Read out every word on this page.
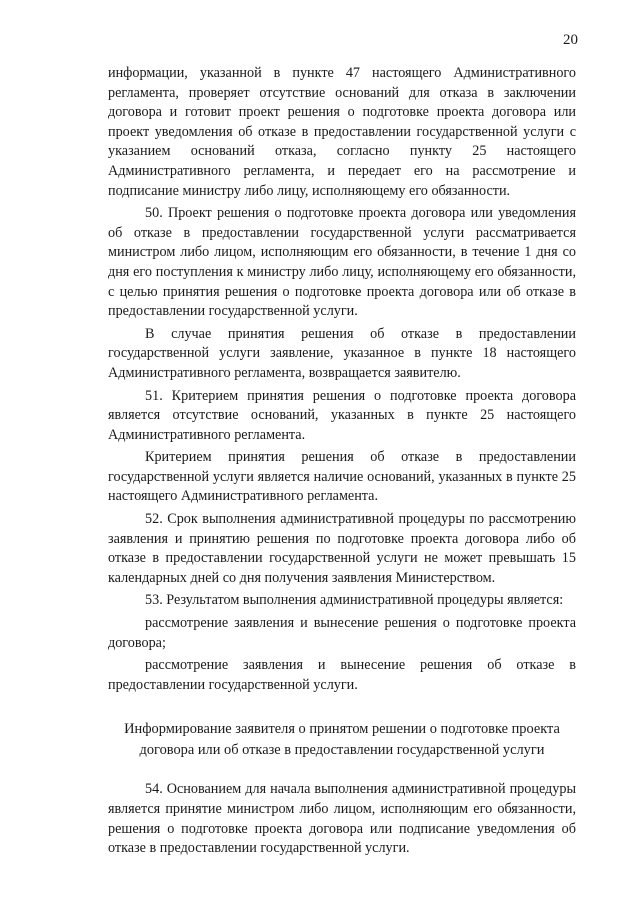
20

информации, указанной в пункте 47 настоящего Административного регламента, проверяет отсутствие оснований для отказа в заключении договора и готовит проект решения о подготовке проекта договора или проект уведомления об отказе в предоставлении государственной услуги с указанием оснований отказа, согласно пункту 25 настоящего Административного регламента, и передает его на рассмотрение и подписание министру либо лицу, исполняющему его обязанности.

50. Проект решения о подготовке проекта договора или уведомления об отказе в предоставлении государственной услуги рассматривается министром либо лицом, исполняющим его обязанности, в течение 1 дня со дня его поступления к министру либо лицу, исполняющему его обязанности, с целью принятия решения о подготовке проекта договора или об отказе в предоставлении государственной услуги.

В случае принятия решения об отказе в предоставлении государственной услуги заявление, указанное в пункте 18 настоящего Административного регламента, возвращается заявителю.

51. Критерием принятия решения о подготовке проекта договора является отсутствие оснований, указанных в пункте 25 настоящего Административного регламента.

Критерием принятия решения об отказе в предоставлении государственной услуги является наличие оснований, указанных в пункте 25 настоящего Административного регламента.

52. Срок выполнения административной процедуры по рассмотрению заявления и принятию решения по подготовке проекта договора либо об отказе в предоставлении государственной услуги не может превышать 15 календарных дней со дня получения заявления Министерством.

53. Результатом выполнения административной процедуры является:

рассмотрение заявления и вынесение решения о подготовке проекта договора;

рассмотрение заявления и вынесение решения об отказе в предоставлении государственной услуги.

Информирование заявителя о принятом решении о подготовке проекта договора или об отказе в предоставлении государственной услуги

54. Основанием для начала выполнения административной процедуры является принятие министром либо лицом, исполняющим его обязанности, решения о подготовке проекта договора или подписание уведомления об отказе в предоставлении государственной услуги.
